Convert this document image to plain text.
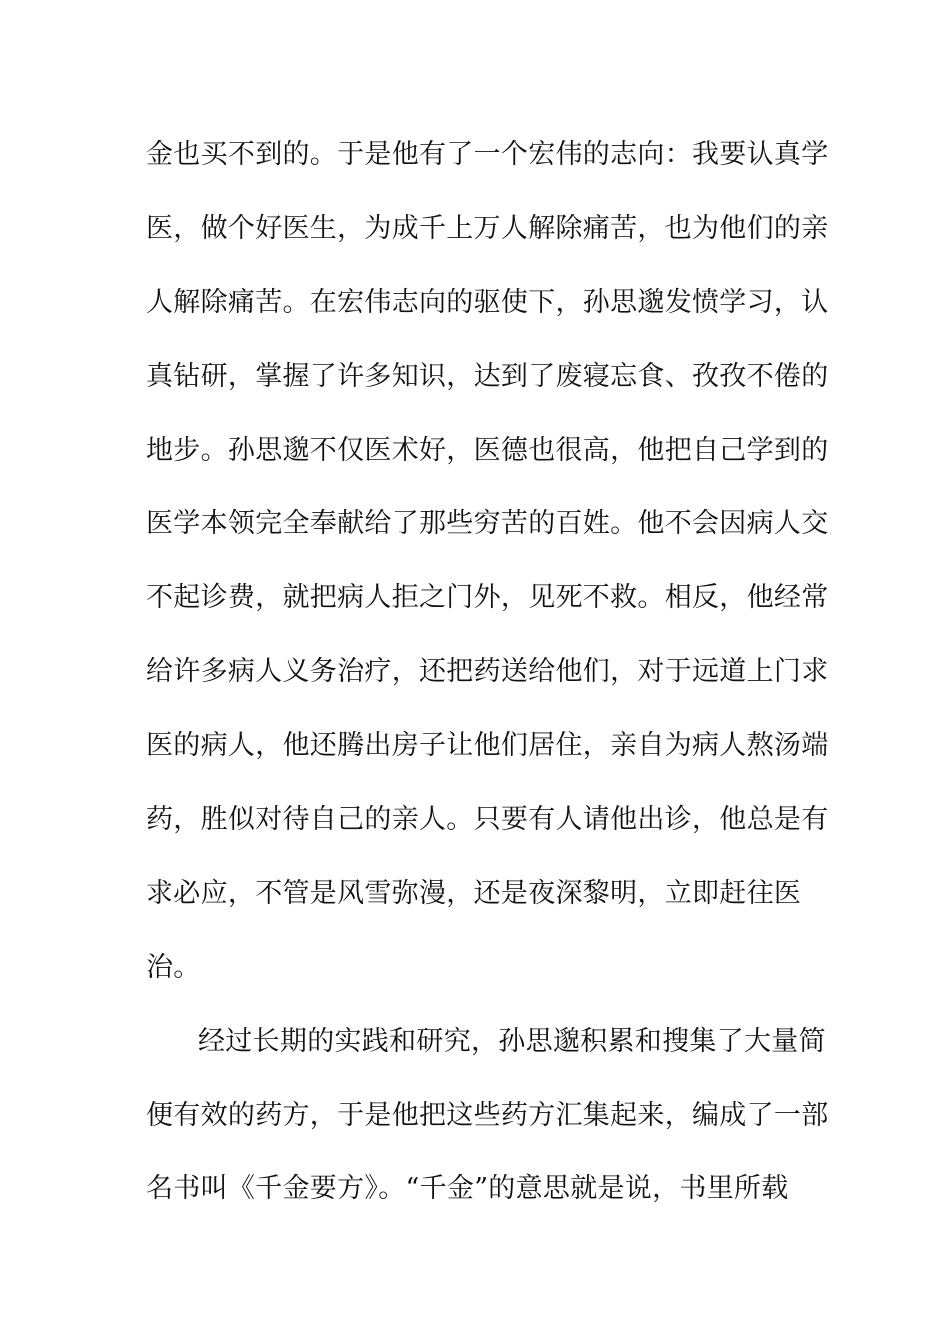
金也买不到的。于是他有了一个宏伟的志向：我要认真学
医，做个好医生，为成千上万人解除痛苦，也为他们的亲
人解除痛苦。在宏伟志向的驱使下，孙思邈发愤学习，认
真钻研，掌握了许多知识，达到了废寝忘食、孜孜不倦的
地步。孙思邈不仅医术好，医德也很高，他把自己学到的
医学本领完全奉献给了那些穷苦的百姓。他不会因病人交
不起诊费，就把病人拒之门外，见死不救。相反，他经常
给许多病人义务治疗，还把药送给他们，对于远道上门求
医的病人，他还腾出房子让他们居住，亲自为病人熬汤端
药，胜似对待自己的亲人。只要有人请他出诊，他总是有
求必应，不管是风雪弥漫，还是夜深黎明，立即赶往医
治。
经过长期的实践和研究，孙思邈积累和搜集了大量简
便有效的药方，于是他把这些药方汇集起来，编成了一部
名书叫《千金要方》。“千金”的意思就是说，书里所载
